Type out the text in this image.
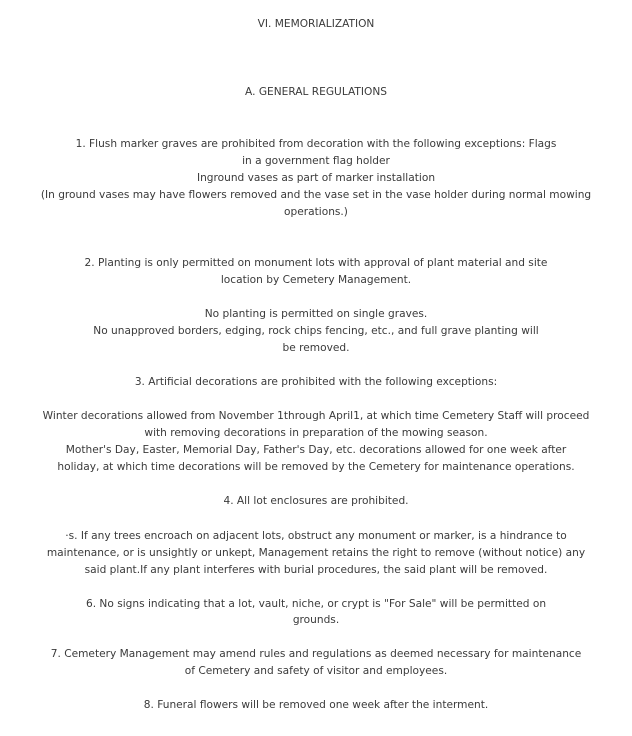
VI. MEMORIALIZATION
A. GENERAL REGULATIONS
1. Flush marker graves are prohibited from decoration with the following exceptions: Flags
in a government flag holder
Inground vases as part of marker installation
(In ground vases may have flowers removed and the vase set in the vase holder during normal mowing
operations.)
2. Planting is only permitted on monument lots with approval of plant material and site
location by Cemetery Management.
No planting is permitted on single graves.
No unapproved borders, edging, rock chips fencing, etc., and full grave planting will
be removed.
3. Artificial decorations are prohibited with the following exceptions:
Winter decorations allowed from November 1through April1, at which time Cemetery Staff will proceed
with removing decorations in preparation of the mowing season.
Mother's Day, Easter, Memorial Day, Father's Day, etc. decorations allowed for one week after
holiday, at which time decorations will be removed by the Cemetery for maintenance operations.
4. All lot enclosures are prohibited.
·s. If any trees encroach on adjacent lots, obstruct any monument or marker, is a hindrance to
maintenance, or is unsightly or unkept, Management retains the right to remove (without notice) any
said plant.If any plant interferes with burial procedures, the said plant will be removed.
6. No signs indicating that a lot, vault, niche, or crypt is "For Sale" will be permitted on
grounds.
7. Cemetery Management may amend rules and regulations as deemed necessary for maintenance
of Cemetery and safety of visitor and employees.
8. Funeral flowers will be removed one week after the interment.
